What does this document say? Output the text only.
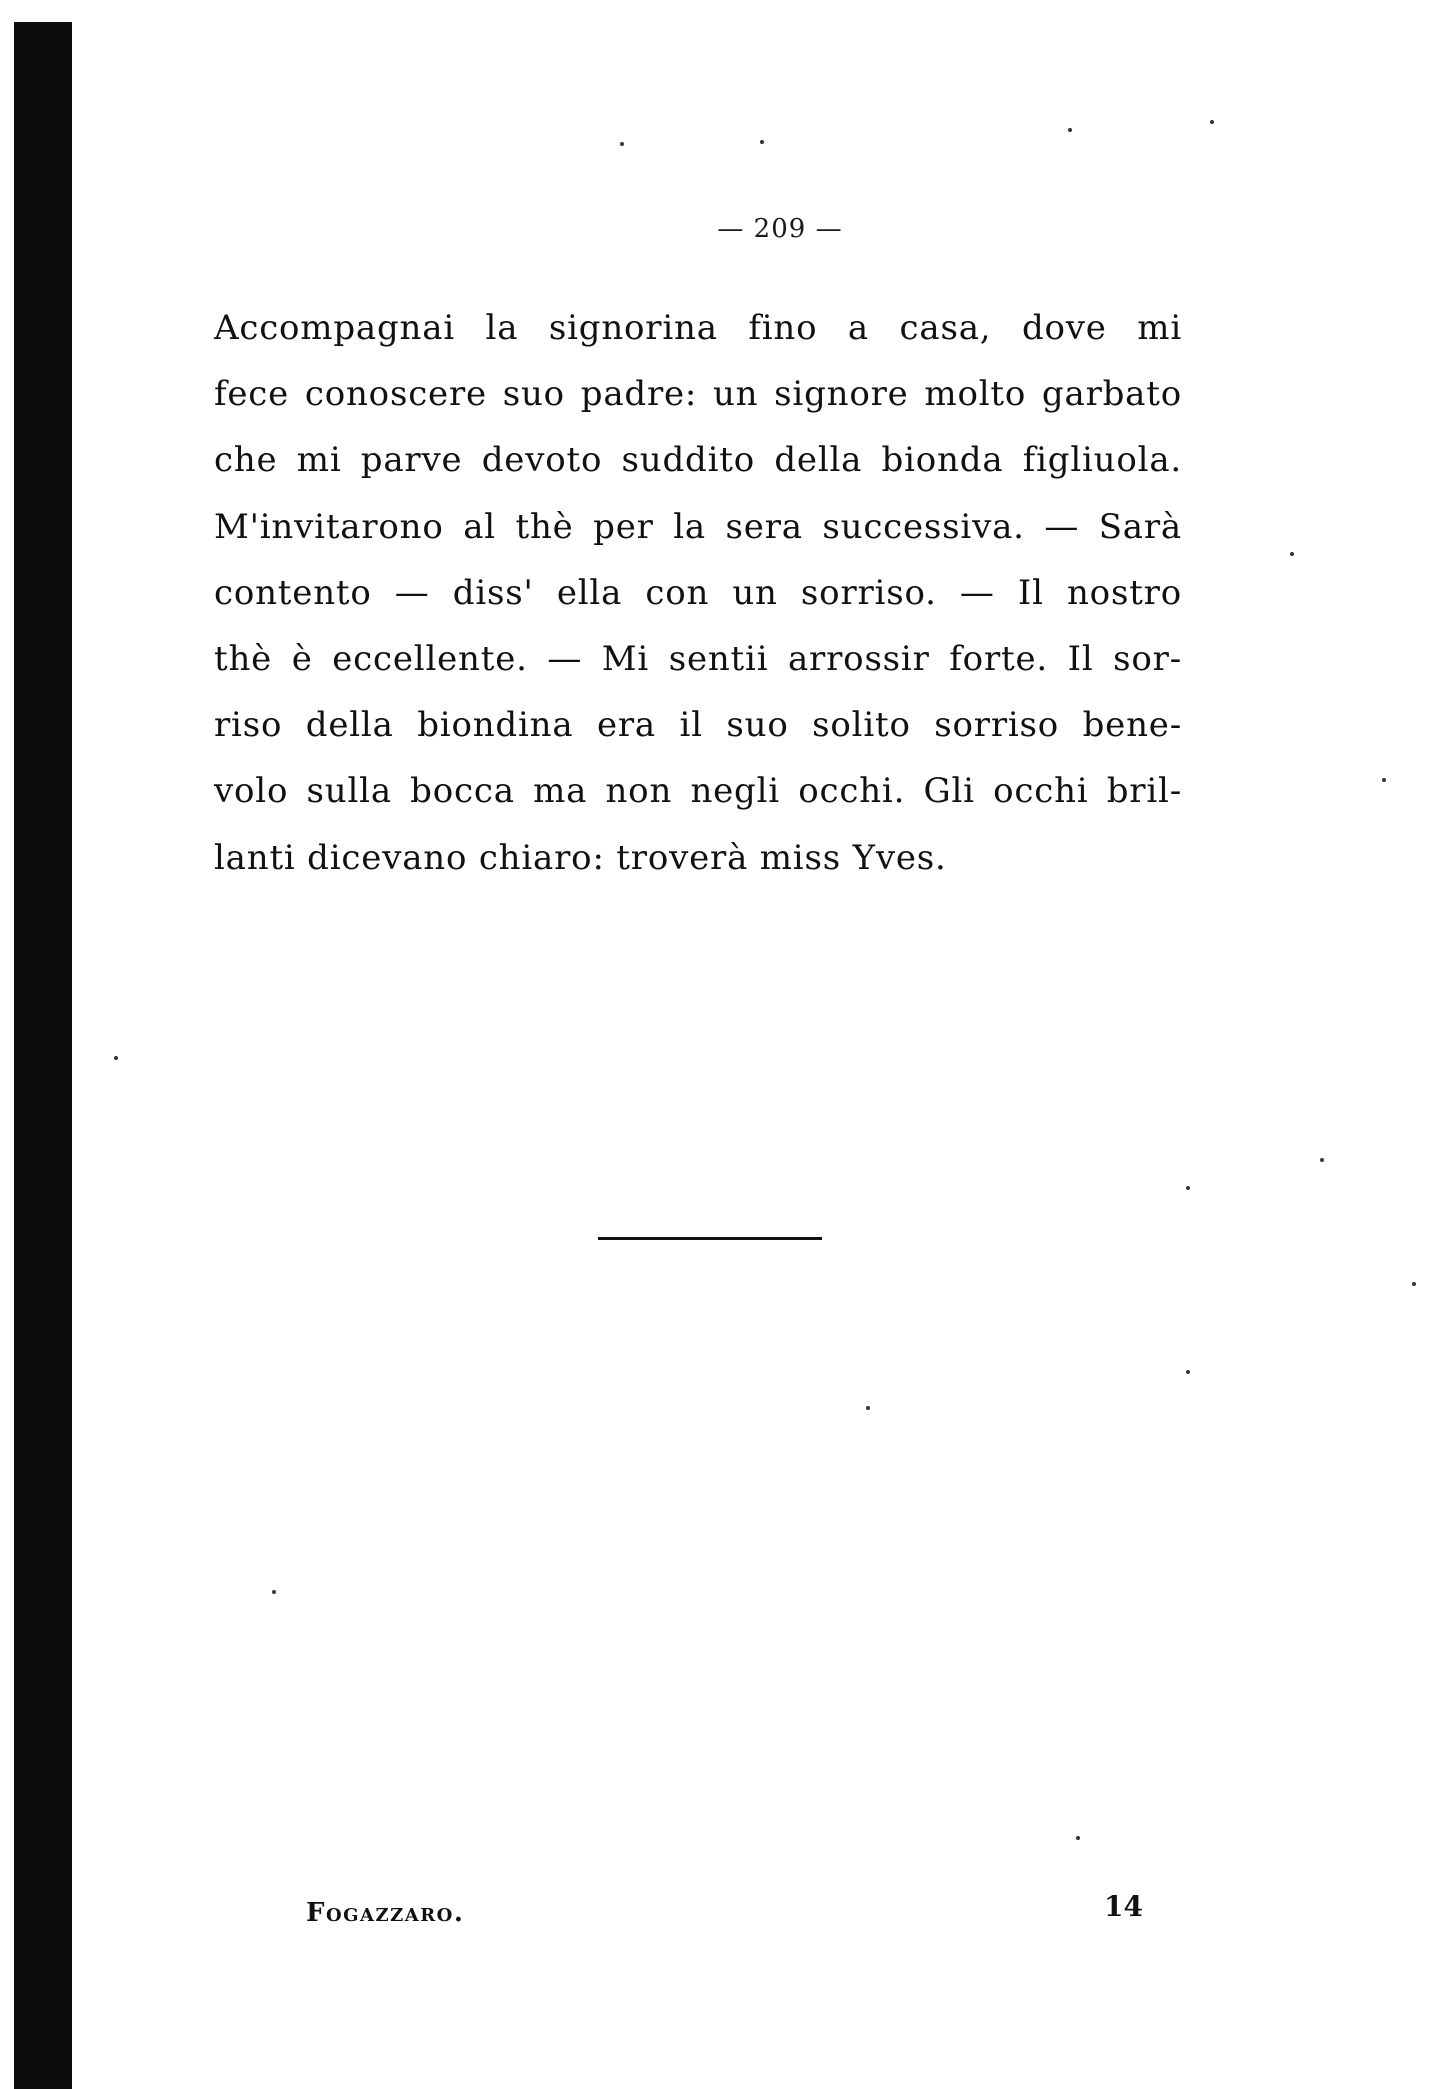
— 209 —
Accompagnai la signorina fino a casa, dove mi
fece conoscere suo padre: un signore molto garbato
che mi parve devoto suddito della bionda figliuola.
M'invitarono al thè per la sera successiva. — Sarà
contento — diss' ella con un sorriso. — Il nostro
thè è eccellente. — Mi sentii arrossir forte. Il sor-
riso della biondina era il suo solito sorriso bene-
volo sulla bocca ma non negli occhi. Gli occhi bril-
lanti dicevano chiaro: troverà miss Yves.
Fogazzaro.	14
